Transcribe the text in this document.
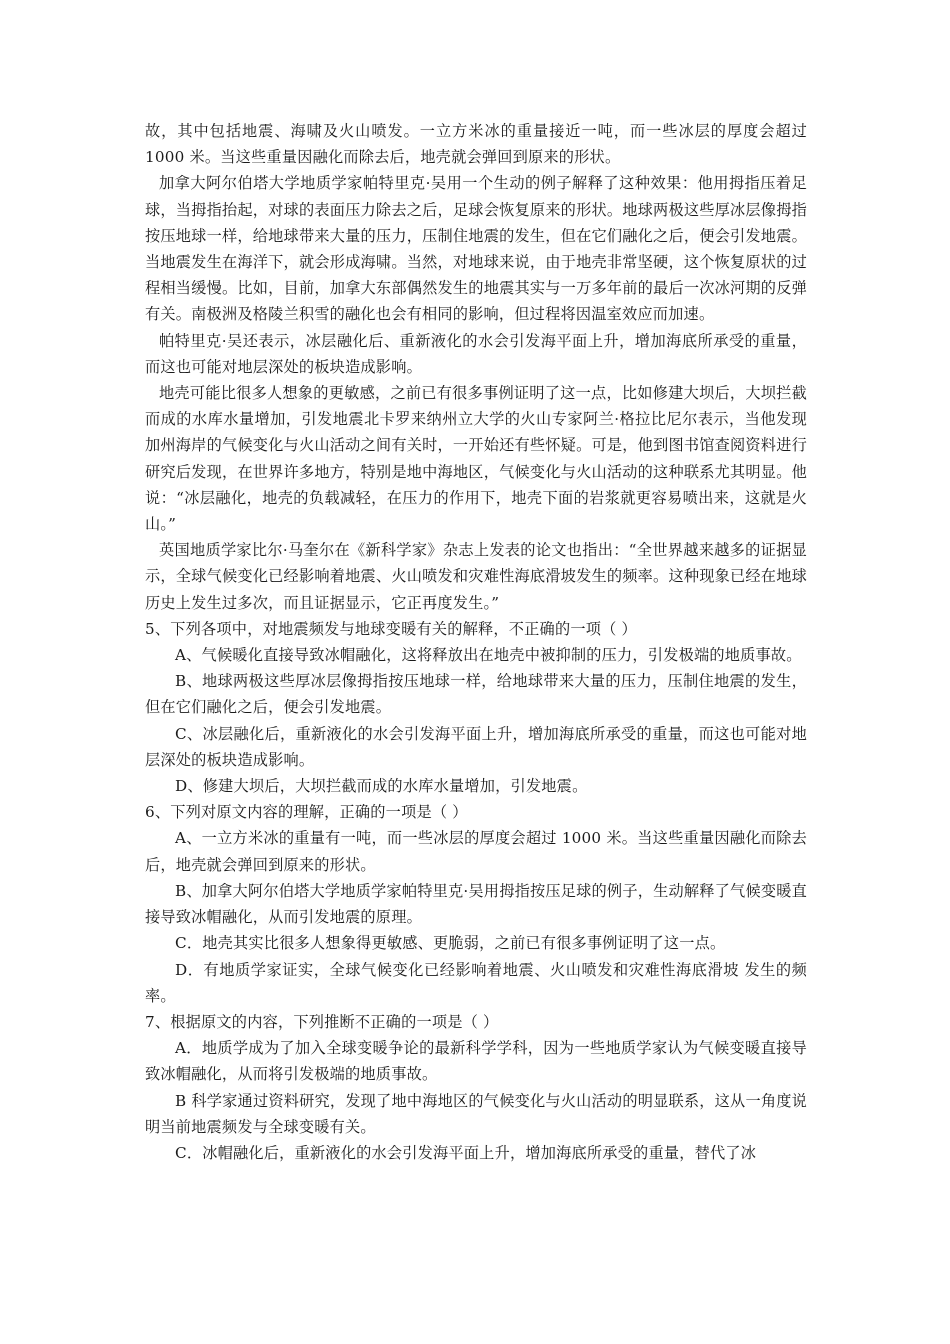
故，其中包括地震、海啸及火山喷发。一立方米冰的重量接近一吨，而一些冰层的厚度会超过 1000 米。当这些重量因融化而除去后，地壳就会弹回到原来的形状。

加拿大阿尔伯塔大学地质学家帕特里克·吴用一个生动的例子解释了这种效果：他用拇指压着足球，当拇指抬起，对球的表面压力除去之后，足球会恢复原来的形状。地球两极这些厚冰层像拇指按压地球一样，给地球带来大量的压力，压制住地震的发生，但在它们融化之后，便会引发地震。当地震发生在海洋下，就会形成海啸。当然，对地球来说，由于地壳非常坚硬，这个恢复原状的过程相当缓慢。比如，目前，加拿大东部偶然发生的地震其实与一万多年前的最后一次冰河期的反弹有关。南极洲及格陵兰积雪的融化也会有相同的影响，但过程将因温室效应而加速。

帕特里克·吴还表示，冰层融化后、重新液化的水会引发海平面上升，增加海底所承受的重量，而这也可能对地层深处的板块造成影响。

地壳可能比很多人想象的更敏感，之前已有很多事例证明了这一点，比如修建大坝后，大坝拦截而成的水库水量增加，引发地震北卡罗来纳州立大学的火山专家阿兰·格拉比尼尔表示，当他发现加州海岸的气候变化与火山活动之间有关时，一开始还有些怀疑。可是，他到图书馆查阅资料进行研究后发现，在世界许多地方，特别是地中海地区，气候变化与火山活动的这种联系尤其明显。他说：“冰层融化，地壳的负载减轻，在压力的作用下，地壳下面的岩浆就更容易喷出来，这就是火山。”

英国地质学家比尔·马奎尔在《新科学家》杂志上发表的论文也指出：“全世界越来越多的证据显示，全球气候变化已经影响着地震、火山喷发和灾难性海底滑坡发生的频率。这种现象已经在地球历史上发生过多次，而且证据显示，它正再度发生。”

5、下列各项中，对地震频发与地球变暖有关的解释，不正确的一项（ ）

A、气候暖化直接导致冰帽融化，这将释放出在地壳中被抑制的压力，引发极端的地质事故。

B、地球两极这些厚冰层像拇指按压地球一样，给地球带来大量的压力，压制住地震的发生，但在它们融化之后，便会引发地震。

C、冰层融化后，重新液化的水会引发海平面上升，增加海底所承受的重量，而这也可能对地层深处的板块造成影响。

D、修建大坝后，大坝拦截而成的水库水量增加，引发地震。

6、下列对原文内容的理解，正确的一项是（ ）

A、一立方米冰的重量有一吨，而一些冰层的厚度会超过 1000 米。当这些重量因融化而除去后，地壳就会弹回到原来的形状。

B、加拿大阿尔伯塔大学地质学家帕特里克·吴用拇指按压足球的例子，生动解释了气候变暖直接导致冰帽融化，从而引发地震的原理。

C．地壳其实比很多人想象得更敏感、更脆弱，之前已有很多事例证明了这一点。

D．有地质学家证实，全球气候变化已经影响着地震、火山喷发和灾难性海底滑坡 发生的频率。

7、根据原文的内容，下列推断不正确的一项是（ ）

A．地质学成为了加入全球变暖争论的最新科学学科，因为一些地质学家认为气候变暖直接导致冰帽融化，从而将引发极端的地质事故。

B 科学家通过资料研究，发现了地中海地区的气候变化与火山活动的明显联系，这从一角度说明当前地震频发与全球变暖有关。

C．冰帽融化后，重新液化的水会引发海平面上升，增加海底所承受的重量，替代了冰
